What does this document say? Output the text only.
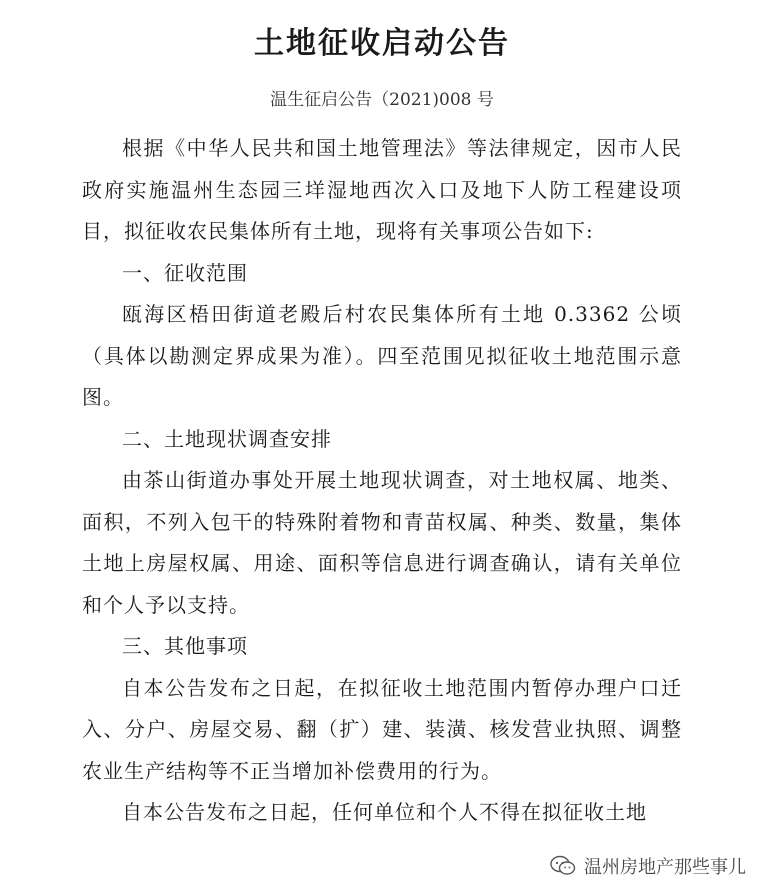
土地征收启动公告
温生征启公告（2021)008 号

根据《中华人民共和国土地管理法》等法律规定，因市人民政府实施温州生态园三垟湿地西次入口及地下人防工程建设项目，拟征收农民集体所有土地，现将有关事项公告如下:

一、征收范围

瓯海区梧田街道老殿后村农民集体所有土地 0.3362 公顷（具体以勘测定界成果为准）。四至范围见拟征收土地范围示意图。

二、土地现状调查安排

由茶山街道办事处开展土地现状调查，对土地权属、地类、面积，不列入包干的特殊附着物和青苗权属、种类、数量，集体土地上房屋权属、用途、面积等信息进行调查确认，请有关单位和个人予以支持。

三、其他事项

自本公告发布之日起，在拟征收土地范围内暂停办理户口迁入、分户、房屋交易、翻（扩）建、装潢、核发营业执照、调整农业生产结构等不正当增加补偿费用的行为。

自本公告发布之日起，任何单位和个人不得在拟征收土地

温州房地产那些事儿
